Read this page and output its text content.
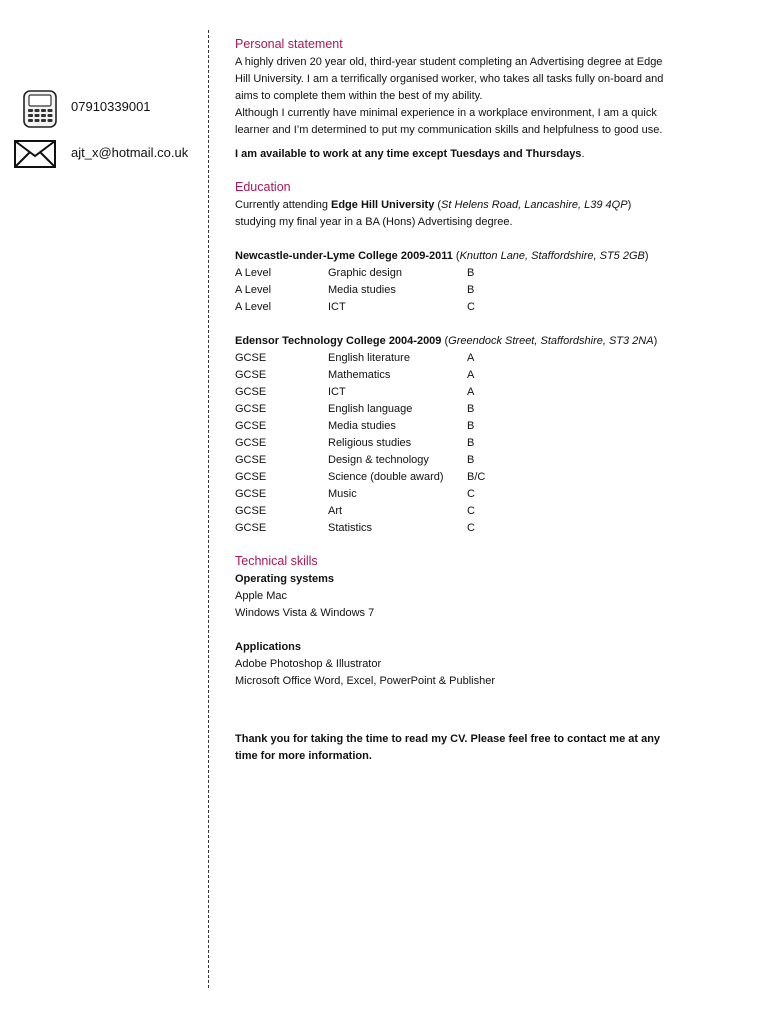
07910339001
ajt_x@hotmail.co.uk
Personal statement

A highly driven 20 year old, third-year student completing an Advertising degree at Edge Hill University. I am a terrifically organised worker, who takes all tasks fully on-board and aims to complete them within the best of my ability.

Although I currently have minimal experience in a workplace environment, I am a quick learner and I’m determined to put my communication skills and helpfulness to good use.

I am available to work at any time except Tuesdays and Thursdays.

Education

Currently attending Edge Hill University (St Helens Road, Lancashire, L39 4QP)

studying my final year in a BA (Hons) Advertising degree.

Newcastle-under-Lyme College 2009-2011 (Knutton Lane, Staffordshire, ST5 2GB)

A Level	Graphic design	B
A Level	Media studies	B
A Level	ICT	C

Edensor Technology College 2004-2009 (Greendock Street, Staffordshire, ST3 2NA)

GCSE	English literature	A
GCSE	Mathematics	A
GCSE	ICT	A
GCSE	English language	B
GCSE	Media studies	B
GCSE	Religious studies	B
GCSE	Design & technology	B
GCSE	Science (double award)	B/C
GCSE	Music	C
GCSE	Art	C
GCSE	Statistics	C
Technical skills

Operating systems

Apple Mac

Windows Vista & Windows 7

Applications

Adobe Photoshop & Illustrator

Microsoft Office Word, Excel, PowerPoint & Publisher

Thank you for taking the time to read my CV. Please feel free to contact me at any time for more information.
